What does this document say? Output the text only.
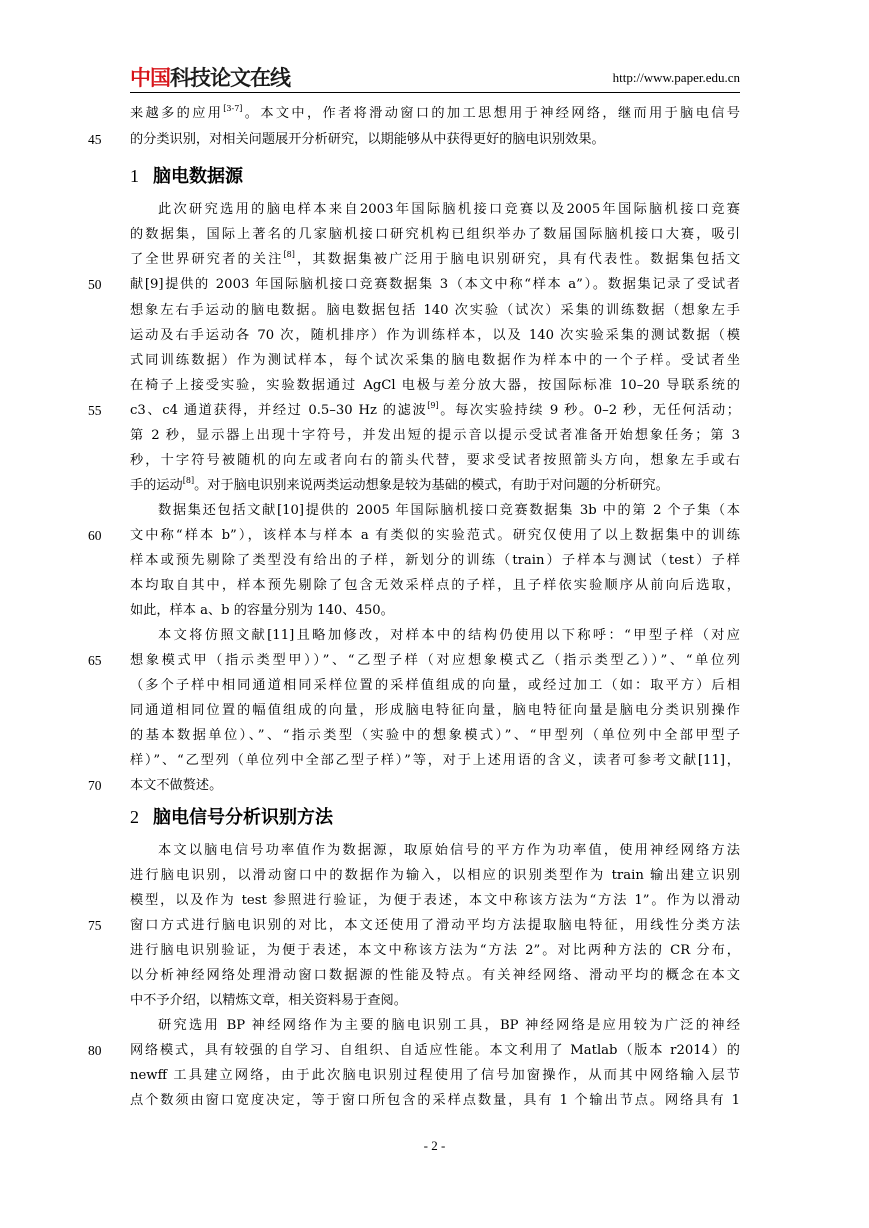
中国科技论文在线	http://www.paper.edu.cn
来越多的应用[3-7]。本文中，作者将滑动窗口的加工思想用于神经网络，继而用于脑电信号
的分类识别，对相关问题展开分析研究，以期能够从中获得更好的脑电识别效果。
此次研究选用的脑电样本来自2003年国际脑机接口竞赛以及2005年国际脑机接口竞赛
的数据集，国际上著名的几家脑机接口研究机构已组织举办了数届国际脑机接口大赛，吸引
了全世界研究者的关注[8]，其数据集被广泛用于脑电识别研究，具有代表性。数据集包括文
献[9]提供的 2003 年国际脑机接口竞赛数据集 3（本文中称“样本 a”）。数据集记录了受试者
想象左右手运动的脑电数据。脑电数据包括 140 次实验（试次）采集的训练数据（想象左手
运动及右手运动各 70 次，随机排序）作为训练样本，以及 140 次实验采集的测试数据（模
式同训练数据）作为测试样本，每个试次采集的脑电数据作为样本中的一个子样。受试者坐
在椅子上接受实验，实验数据通过 AgCl 电极与差分放大器，按国际标准 10–20 导联系统的
c3、c4 通道获得，并经过 0.5–30 Hz 的滤波[9]。每次实验持续 9 秒。0–2 秒，无任何活动；
第 2 秒，显示器上出现十字符号，并发出短的提示音以提示受试者准备开始想象任务；第 3
秒，十字符号被随机的向左或者向右的箭头代替，要求受试者按照箭头方向，想象左手或右
手的运动[8]。对于脑电识别来说两类运动想象是较为基础的模式，有助于对问题的分析研究。
数据集还包括文献[10]提供的 2005 年国际脑机接口竞赛数据集 3b 中的第 2 个子集（本
文中称“样本 b”），该样本与样本 a 有类似的实验范式。研究仅使用了以上数据集中的训练
样本或预先剔除了类型没有给出的子样，新划分的训练（train）子样本与测试（test）子样
本均取自其中，样本预先剔除了包含无效采样点的子样，且子样依实验顺序从前向后选取，
如此，样本 a、b 的容量分别为 140、450。
本文将仿照文献[11]且略加修改，对样本中的结构仍使用以下称呼：“甲型子样（对应
想象模式甲（指示类型甲））”、“乙型子样（对应想象模式乙（指示类型乙））”、“单位列
（多个子样中相同通道相同采样位置的采样值组成的向量，或经过加工（如：取平方）后相
同通道相同位置的幅值组成的向量，形成脑电特征向量，脑电特征向量是脑电分类识别操作
的基本数据单位）、”、“指示类型（实验中的想象模式）”、“甲型列（单位列中全部甲型子
样）”、“乙型列（单位列中全部乙型子样）”等，对于上述用语的含义，读者可参考文献[11]，
本文不做赘述。
本文以脑电信号功率值作为数据源，取原始信号的平方作为功率值，使用神经网络方法
进行脑电识别，以滑动窗口中的数据作为输入，以相应的识别类型作为 train 输出建立识别
模型，以及作为 test 参照进行验证，为便于表述，本文中称该方法为“方法 1”。作为以滑动
窗口方式进行脑电识别的对比，本文还使用了滑动平均方法提取脑电特征，用线性分类方法
进行脑电识别验证，为便于表述，本文中称该方法为“方法 2”。对比两种方法的 CR 分布，
以分析神经网络处理滑动窗口数据源的性能及特点。有关神经网络、滑动平均的概念在本文
中不予介绍，以精炼文章，相关资料易于查阅。
研究选用 BP 神经网络作为主要的脑电识别工具，BP 神经网络是应用较为广泛的神经
网络模式，具有较强的自学习、自组织、自适应性能。本文利用了 Matlab（版本 r2014）的
newff 工具建立网络，由于此次脑电识别过程使用了信号加窗操作，从而其中网络输入层节
点个数须由窗口宽度决定，等于窗口所包含的采样点数量，具有 1 个输出节点。网络具有 1
45
50
55
60
65
70
75
80
1 脑电数据源
2 脑电信号分析识别方法
- 2 -
